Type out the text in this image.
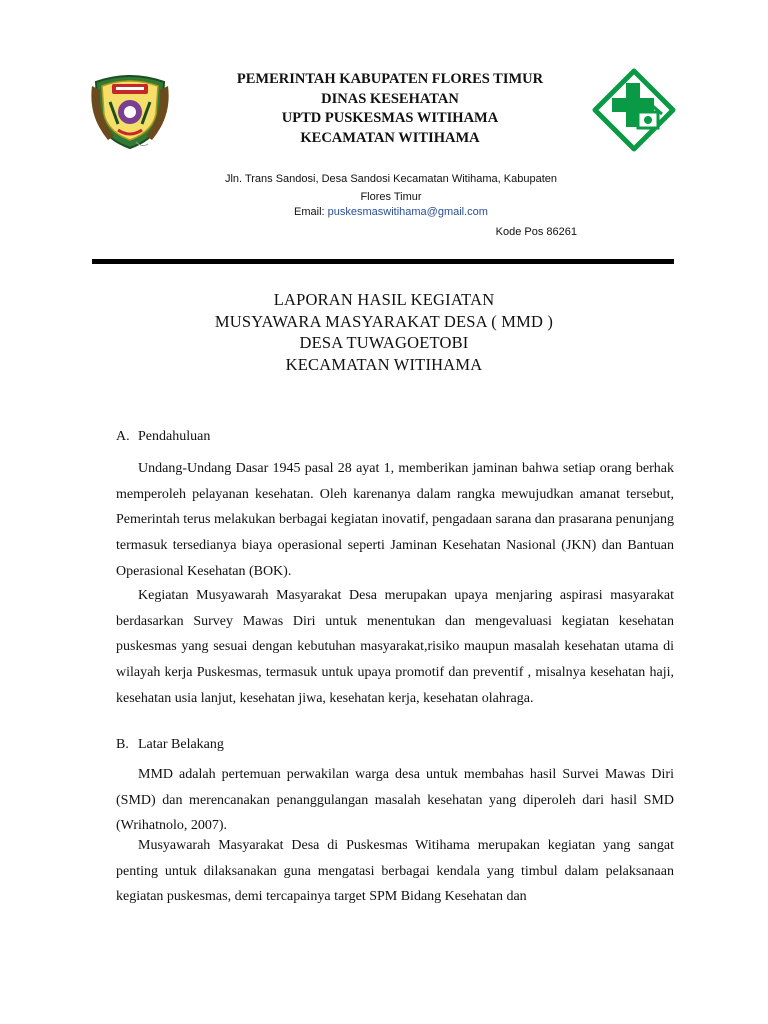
PEMERINTAH KABUPATEN FLORES TIMUR
DINAS KESEHATAN
UPTD PUSKESMAS WITIHAMA
KECAMATAN WITIHAMA
Jln. Trans Sandosi, Desa Sandosi Kecamatan Witihama, Kabupaten
Flores Timur
Email: puskesmaswitihama@gmail.com
Kode Pos 86261
LAPORAN HASIL KEGIATAN
MUSYAWARA MASYARAKAT DESA ( MMD )
DESA TUWAGOETOBI
KECAMATAN WITIHAMA
A. Pendahuluan
Undang-Undang Dasar 1945 pasal 28 ayat 1, memberikan jaminan bahwa setiap orang berhak memperoleh pelayanan kesehatan. Oleh karenanya dalam rangka mewujudkan amanat tersebut, Pemerintah terus melakukan berbagai kegiatan inovatif, pengadaan sarana dan prasarana penunjang termasuk tersedianya biaya operasional seperti Jaminan Kesehatan Nasional (JKN) dan Bantuan Operasional Kesehatan (BOK).
Kegiatan Musyawarah Masyarakat Desa merupakan upaya menjaring aspirasi masyarakat berdasarkan Survey Mawas Diri untuk menentukan dan mengevaluasi kegiatan kesehatan puskesmas yang sesuai dengan kebutuhan masyarakat,risiko maupun masalah kesehatan utama di wilayah kerja Puskesmas, termasuk untuk upaya promotif dan preventif , misalnya kesehatan haji, kesehatan usia lanjut, kesehatan jiwa, kesehatan kerja, kesehatan olahraga.
B. Latar Belakang
MMD adalah pertemuan perwakilan warga desa untuk membahas hasil Survei Mawas Diri (SMD) dan merencanakan penanggulangan masalah kesehatan yang diperoleh dari hasil SMD (Wrihatnolo, 2007).
Musyawarah Masyarakat Desa di Puskesmas Witihama merupakan kegiatan yang sangat penting untuk dilaksanakan guna mengatasi berbagai kendala yang timbul dalam pelaksanaan kegiatan puskesmas, demi tercapainya target SPM Bidang Kesehatan dan
